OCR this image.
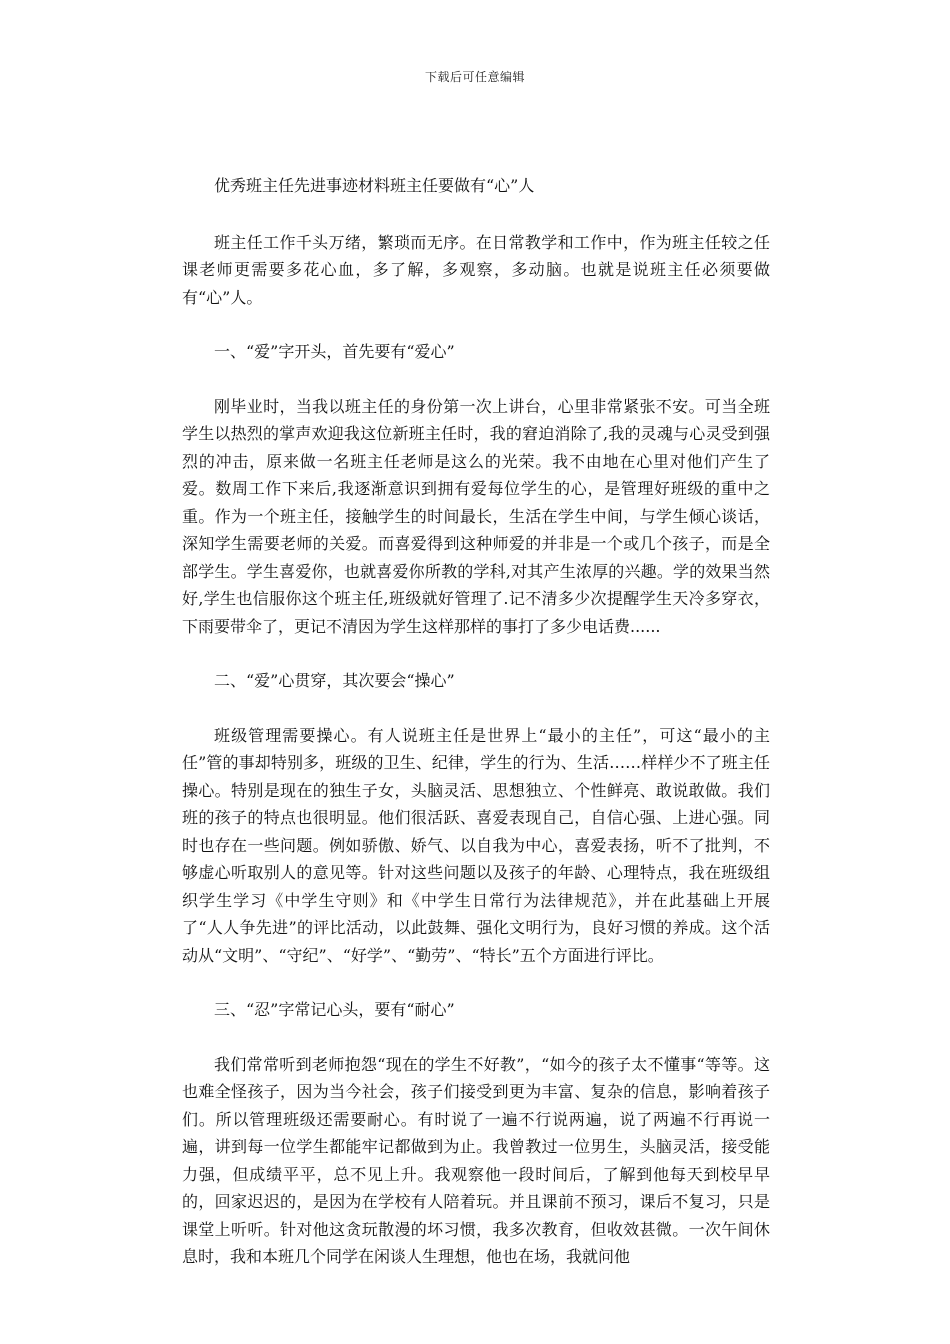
下载后可任意编辑

优秀班主任先进事迹材料班主任要做有“心”人

班主任工作千头万绪，繁琐而无序。在日常教学和工作中，作为班主任较之任课老师更需要多花心血，多了解，多观察，多动脑。也就是说班主任必须要做有“心”人。

一、“爱”字开头，首先要有“爱心”

刚毕业时，当我以班主任的身份第一次上讲台，心里非常紧张不安。可当全班学生以热烈的掌声欢迎我这位新班主任时，我的窘迫消除了,我的灵魂与心灵受到强烈的冲击，原来做一名班主任老师是这么的光荣。我不由地在心里对他们产生了爱。数周工作下来后,我逐渐意识到拥有爱每位学生的心，是管理好班级的重中之重。作为一个班主任，接触学生的时间最长，生活在学生中间，与学生倾心谈话，深知学生需要老师的关爱。而喜爱得到这种师爱的并非是一个或几个孩子，而是全部学生。学生喜爱你，也就喜爱你所教的学科,对其产生浓厚的兴趣。学的效果当然好,学生也信服你这个班主任,班级就好管理了.记不清多少次提醒学生天冷多穿衣，下雨要带伞了，更记不清因为学生这样那样的事打了多少电话费......

二、“爱”心贯穿，其次要会“操心”

班级管理需要操心。有人说班主任是世界上“最小的主任”，可这“最小的主任”管的事却特别多，班级的卫生、纪律，学生的行为、生活……样样少不了班主任操心。特别是现在的独生子女，头脑灵活、思想独立、个性鲜亮、敢说敢做。我们班的孩子的特点也很明显。他们很活跃、喜爱表现自己，自信心强、上进心强。同时也存在一些问题。例如骄傲、娇气、以自我为中心，喜爱表扬，听不了批判，不够虚心听取别人的意见等。针对这些问题以及孩子的年龄、心理特点，我在班级组织学生学习《中学生守则》和《中学生日常行为法律规范》，并在此基础上开展了“人人争先进”的评比活动，以此鼓舞、强化文明行为，良好习惯的养成。这个活动从“文明”、“守纪”、“好学”、“勤劳”、“特长”五个方面进行评比。

三、“忍”字常记心头，要有“耐心”

我们常常听到老师抱怨“现在的学生不好教”，“如今的孩子太不懂事“等等。这也难全怪孩子，因为当今社会，孩子们接受到更为丰富、复杂的信息，影响着孩子们。所以管理班级还需要耐心。有时说了一遍不行说两遍，说了两遍不行再说一遍，讲到每一位学生都能牢记都做到为止。我曾教过一位男生，头脑灵活，接受能力强，但成绩平平，总不见上升。我观察他一段时间后，了解到他每天到校早早的，回家迟迟的，是因为在学校有人陪着玩。并且课前不预习，课后不复习，只是课堂上听听。针对他这贪玩散漫的坏习惯，我多次教育，但收效甚微。一次午间休息时，我和本班几个同学在闲谈人生理想，他也在场，我就问他
